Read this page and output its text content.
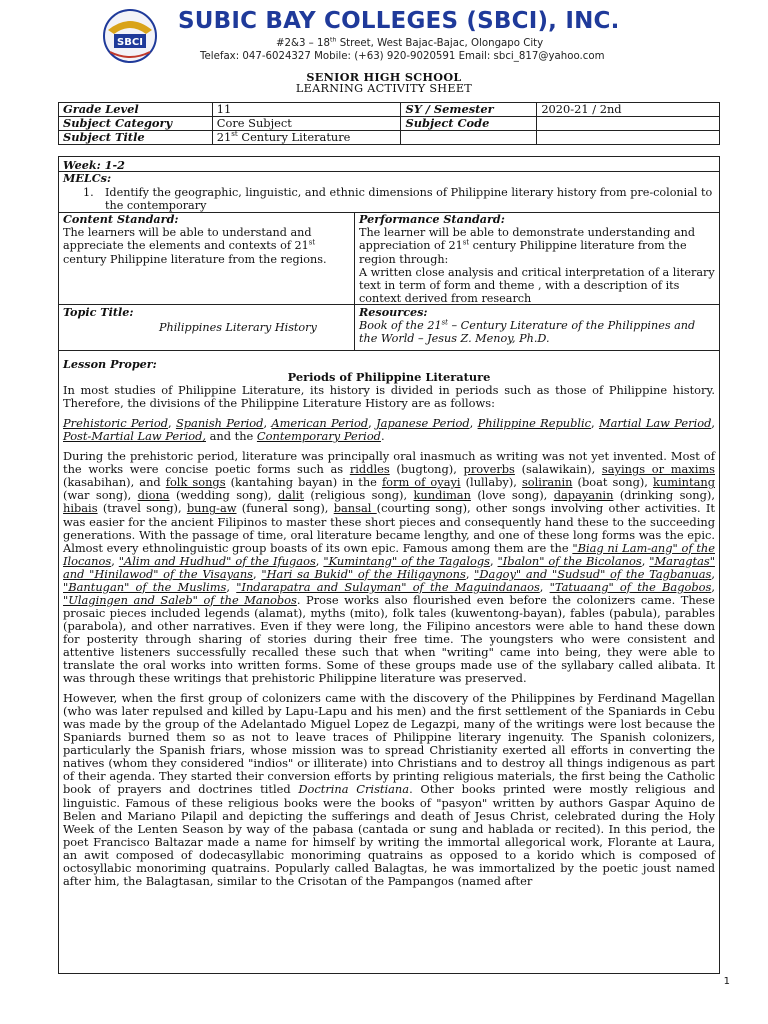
SBCI
SUBIC BAY COLLEGES (SBCI), INC.
#2&3 – 18th Street, West Bajac-Bajac, Olongapo City
Telefax: 047-6024327 Mobile: (+63) 920-9020591 Email: sbci_817@yahoo.com
SENIOR HIGH SCHOOL
LEARNING ACTIVITY SHEET
Grade Level	11	SY / Semester	2020-21 / 2nd
Subject Category	Core Subject	Subject Code	
Subject Title	21st Century Literature		
Week: 1-2
MELCs:
1.	Identify the geographic, linguistic, and ethnic dimensions of Philippine literary history from pre-colonial to the contemporary
Content Standard:
The learners will be able to understand and appreciate the elements and contexts of 21st century Philippine literature from the regions.
Performance Standard:
The learner will be able to demonstrate understanding and appreciation of 21st century Philippine literature from the region through:
A written close analysis and critical interpretation of a literary text in term of form and theme , with a description of its context derived from research
Topic Title:
Philippines Literary History
Resources:
Book of the 21st – Century Literature of the Philippines and the World – Jesus Z. Menoy, Ph.D.
Lesson Proper:
Periods of Philippine Literature

In most studies of Philippine Literature, its history is divided in periods such as those of Philippine history. Therefore, the divisions of the Philippine Literature History are as follows:

Prehistoric Period, Spanish Period, American Period, Japanese Period, Philippine Republic, Martial Law Period, Post-Martial Law Period, and the Contemporary Period.

During the prehistoric period, literature was principally oral inasmuch as writing was not yet invented. Most of the works were concise poetic forms such as riddles (bugtong), proverbs (salawikain), sayings or maxims (kasabihan), and folk songs (kantahing bayan) in the form of oyayi (lullaby), soliranin (boat song), kumintang (war song), diona (wedding song), dalit (religious song), kundiman (love song), dapayanin (drinking song), hibais (travel song), bung-aw (funeral song), bansal (courting song), other songs involving other activities. It was easier for the ancient Filipinos to master these short pieces and consequently hand these to the succeeding generations. With the passage of time, oral literature became lengthy, and one of these long forms was the epic. Almost every ethnolinguistic group boasts of its own epic. Famous among them are the "Biag ni Lam-ang" of the Ilocanos, "Alim and Hudhud" of the Ifugaos, "Kumintang" of the Tagalogs, "Ibalon" of the Bicolanos, "Maragtas" and "Hinilawod" of the Visayans, "Hari sa Bukid" of the Hiligaynons, "Dagoy" and "Sudsud" of the Tagbanuas, "Bantugan" of the Muslims, "Indarapatra and Sulayman" of the Maguindanaos, "Tatuaang" of the Bagobos, "Ulagingen and Saleb" of the Manobos. Prose works also flourished even before the colonizers came. These prosaic pieces included legends (alamat), myths (mito), folk tales (kuwentong-bayan), fables (pabula), parables (parabola), and other narratives. Even if they were long, the Filipino ancestors were able to hand these down for posterity through sharing of stories during their free time. The youngsters who were consistent and attentive listeners successfully recalled these such that when "writing" came into being, they were able to translate the oral works into written forms. Some of these groups made use of the syllabary called alibata. It was through these writings that prehistoric Philippine literature was preserved.

However, when the first group of colonizers came with the discovery of the Philippines by Ferdinand Magellan (who was later repulsed and killed by Lapu-Lapu and his men) and the first settlement of the Spaniards in Cebu was made by the group of the Adelantado Miguel Lopez de Legazpi, many of the writings were lost because the Spaniards burned them so as not to leave traces of Philippine literary ingenuity. The Spanish colonizers, particularly the Spanish friars, whose mission was to spread Christianity exerted all efforts in converting the natives (whom they considered "indios" or illiterate) into Christians and to destroy all things indigenous as part of their agenda. They started their conversion efforts by printing religious materials, the first being the Catholic book of prayers and doctrines titled Doctrina Cristiana. Other books printed were mostly religious and linguistic. Famous of these religious books were the books of "pasyon" written by authors Gaspar Aquino de Belen and Mariano Pilapil and depicting the sufferings and death of Jesus Christ, celebrated during the Holy Week of the Lenten Season by way of the pabasa (cantada or sung and hablada or recited). In this period, the poet Francisco Baltazar made a name for himself by writing the immortal allegorical work, Florante at Laura, an awit composed of dodecasyllabic monoriming quatrains as opposed to a korido which is composed of octosyllabic monoriming quatrains. Popularly called Balagtas, he was immortalized by the poetic joust named after him, the Balagtasan, similar to the Crisotan of the Pampangos (named after

1
